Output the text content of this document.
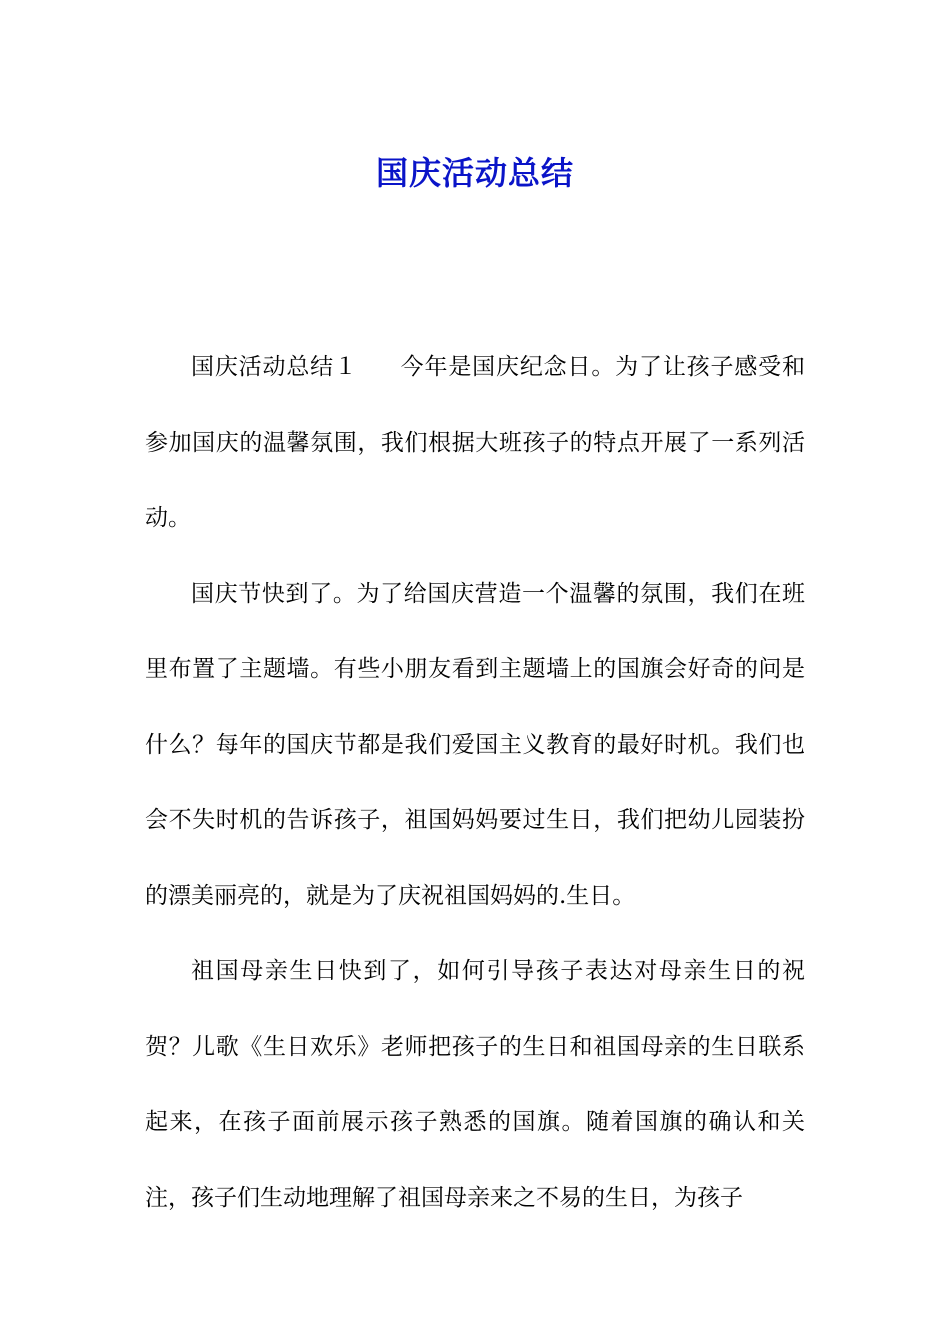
国庆活动总结

国庆活动总结１ 今年是国庆纪念日。为了让孩子感受和参加国庆的温馨氛围，我们根据大班孩子的特点开展了一系列活动。

国庆节快到了。为了给国庆营造一个温馨的氛围，我们在班里布置了主题墙。有些小朋友看到主题墙上的国旗会好奇的问是什么？每年的国庆节都是我们爱国主义教育的最好时机。我们也会不失时机的告诉孩子，祖国妈妈要过生日，我们把幼儿园装扮的漂美丽亮的，就是为了庆祝祖国妈妈的.生日。

祖国母亲生日快到了，如何引导孩子表达对母亲生日的祝贺？儿歌《生日欢乐》老师把孩子的生日和祖国母亲的生日联系起来，在孩子面前展示孩子熟悉的国旗。随着国旗的确认和关注，孩子们生动地理解了祖国母亲来之不易的生日，为孩子
